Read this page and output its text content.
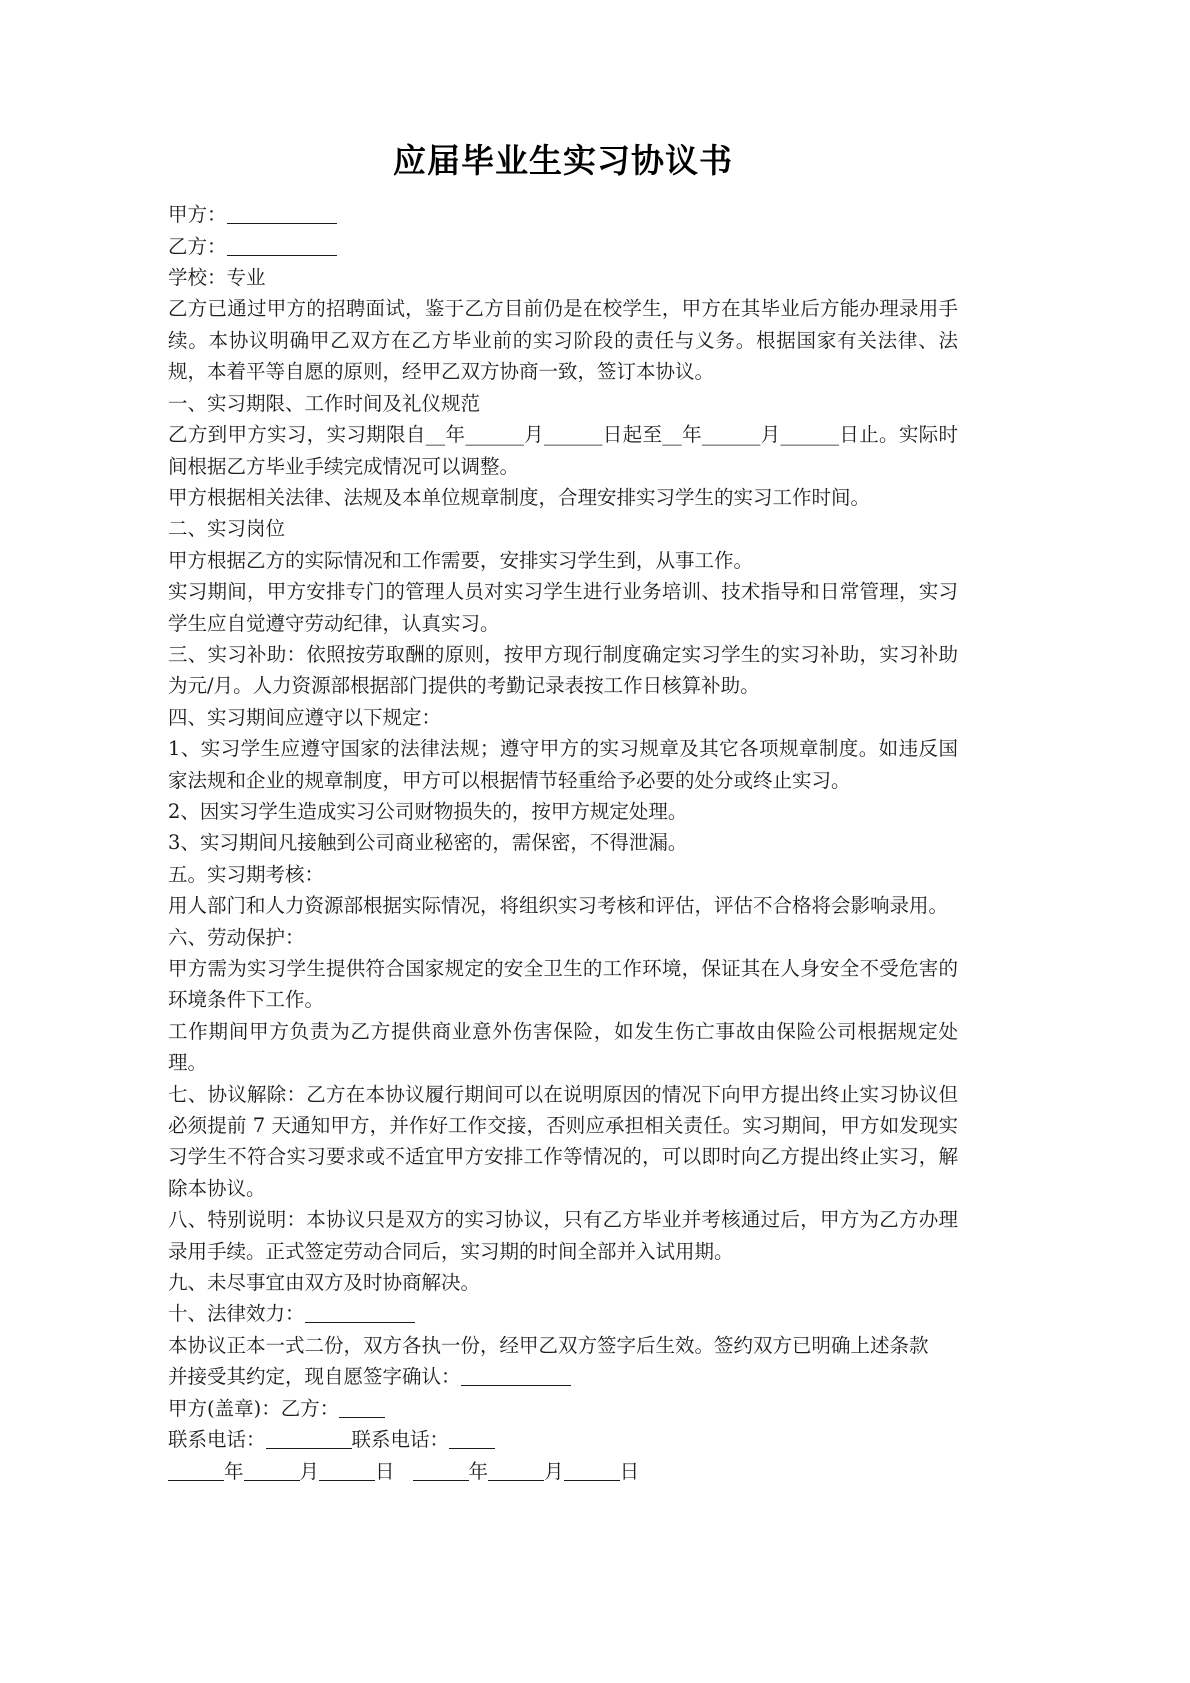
应届毕业生实习协议书

甲方：

乙方：

学校：专业

乙方已通过甲方的招聘面试，鉴于乙方目前仍是在校学生，甲方在其毕业后方能办理录用手续。本协议明确甲乙双方在乙方毕业前的实习阶段的责任与义务。根据国家有关法律、法规，本着平等自愿的原则，经甲乙双方协商一致，签订本协议。

一、实习期限、工作时间及礼仪规范

乙方到甲方实习，实习期限自__年______月______日起至__年______月______日止。实际时间根据乙方毕业手续完成情况可以调整。

甲方根据相关法律、法规及本单位规章制度，合理安排实习学生的实习工作时间。

二、实习岗位

甲方根据乙方的实际情况和工作需要，安排实习学生到，从事工作。

实习期间，甲方安排专门的管理人员对实习学生进行业务培训、技术指导和日常管理，实习学生应自觉遵守劳动纪律，认真实习。

三、实习补助：依照按劳取酬的原则，按甲方现行制度确定实习学生的实习补助，实习补助为元/月。人力资源部根据部门提供的考勤记录表按工作日核算补助。

四、实习期间应遵守以下规定：

1、实习学生应遵守国家的法律法规；遵守甲方的实习规章及其它各项规章制度。如违反国家法规和企业的规章制度，甲方可以根据情节轻重给予必要的处分或终止实习。

2、因实习学生造成实习公司财物损失的，按甲方规定处理。

3、实习期间凡接触到公司商业秘密的，需保密，不得泄漏。

五。实习期考核：

用人部门和人力资源部根据实际情况，将组织实习考核和评估，评估不合格将会影响录用。

六、劳动保护：

甲方需为实习学生提供符合国家规定的安全卫生的工作环境，保证其在人身安全不受危害的环境条件下工作。

工作期间甲方负责为乙方提供商业意外伤害保险，如发生伤亡事故由保险公司根据规定处理。

七、协议解除：乙方在本协议履行期间可以在说明原因的情况下向甲方提出终止实习协议但必须提前 7 天通知甲方，并作好工作交接，否则应承担相关责任。实习期间，甲方如发现实习学生不符合实习要求或不适宜甲方安排工作等情况的，可以即时向乙方提出终止实习，解除本协议。

八、特别说明：本协议只是双方的实习协议，只有乙方毕业并考核通过后，甲方为乙方办理录用手续。正式签定劳动合同后，实习期的时间全部并入试用期。

九、未尽事宜由双方及时协商解决。

十、法律效力：

本协议正本一式二份，双方各执一份，经甲乙双方签字后生效。签约双方已明确上述条款

并接受其约定，现自愿签字确认：

甲方(盖章)：乙方：

联系电话：	联系电话：

年	月	日	年	月	日
